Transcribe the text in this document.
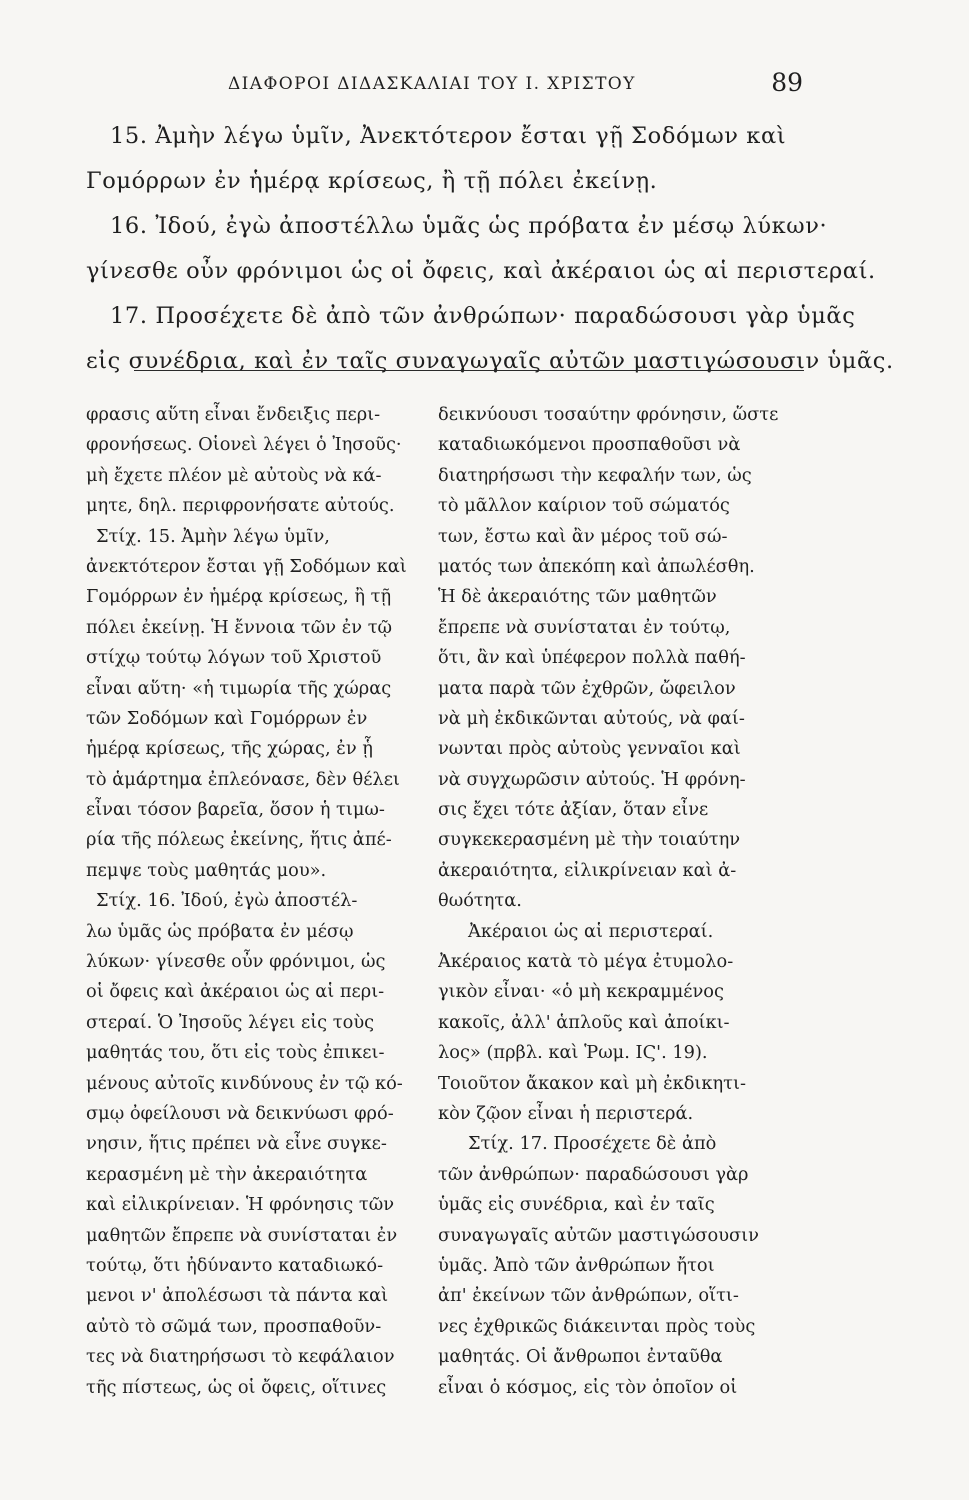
ΔΙΑΦΟΡΟΙ ΔΙΔΑΣΚΑΛΙΑΙ ΤΟΥ Ι. ΧΡΙΣΤΟΥ	89
15. Ἀμὴν λέγω ὑμῖν, Ἀνεκτότερον ἔσται γῇ Σοδόμων καὶ
Γομόρρων ἐν ἡμέρᾳ κρίσεως, ἢ τῇ πόλει ἐκείνῃ.
16. Ἰδού, ἐγὼ ἀποστέλλω ὑμᾶς ὡς πρόβατα ἐν μέσῳ λύκων·
γίνεσθε οὖν φρόνιμοι ὡς οἱ ὄφεις, καὶ ἀκέραιοι ὡς αἱ περιστεραί.
17. Προσέχετε δὲ ἀπὸ τῶν ἀνθρώπων· παραδώσουσι γὰρ ὑμᾶς
εἰς συνέδρια, καὶ ἐν ταῖς συναγωγαῖς αὐτῶν μαστιγώσουσιν ὑμᾶς.
φρασις αὕτη εἶναι ἔνδειξις περι-
φρονήσεως. Οἱονεὶ λέγει ὁ Ἰησοῦς·
μὴ ἔχετε πλέον μὲ αὐτοὺς νὰ κά-
μητε, δηλ. περιφρονήσατε αὐτούς.
Στίχ. 15. Ἀμὴν λέγω ὑμῖν,
ἀνεκτότερον ἔσται γῇ Σοδόμων καὶ
Γομόρρων ἐν ἡμέρᾳ κρίσεως, ἢ τῇ
πόλει ἐκείνῃ. Ἡ ἔννοια τῶν ἐν τῷ
στίχῳ τούτῳ λόγων τοῦ Χριστοῦ
εἶναι αὕτη· «ἡ τιμωρία τῆς χώρας
τῶν Σοδόμων καὶ Γομόρρων ἐν
ἡμέρᾳ κρίσεως, τῆς χώρας, ἐν ᾗ
τὸ ἁμάρτημα ἐπλεόνασε, δὲν θέλει
εἶναι τόσον βαρεῖα, ὅσον ἡ τιμω-
ρία τῆς πόλεως ἐκείνης, ἥτις ἀπέ-
πεμψε τοὺς μαθητάς μου».
Στίχ. 16. Ἰδού, ἐγὼ ἀποστέλ-
λω ὑμᾶς ὡς πρόβατα ἐν μέσῳ
λύκων· γίνεσθε οὖν φρόνιμοι, ὡς
οἱ ὄφεις καὶ ἀκέραιοι ὡς αἱ περι-
στεραί. Ὁ Ἰησοῦς λέγει εἰς τοὺς
μαθητάς του, ὅτι εἰς τοὺς ἐπικει-
μένους αὐτοῖς κινδύνους ἐν τῷ κό-
σμῳ ὀφείλουσι νὰ δεικνύωσι φρό-
νησιν, ἥτις πρέπει νὰ εἶνε συγκε-
κερασμένη μὲ τὴν ἀκεραιότητα
καὶ εἰλικρίνειαν. Ἡ φρόνησις τῶν
μαθητῶν ἔπρεπε νὰ συνίσταται ἐν
τούτῳ, ὅτι ἠδύναντο καταδιωκό-
μενοι ν' ἀπολέσωσι τὰ πάντα καὶ
αὐτὸ τὸ σῶμά των, προσπαθοῦν-
τες νὰ διατηρήσωσι τὸ κεφάλαιον
τῆς πίστεως, ὡς οἱ ὄφεις, οἵτινες
δεικνύουσι τοσαύτην φρόνησιν, ὥστε
καταδιωκόμενοι προσπαθοῦσι νὰ
διατηρήσωσι τὴν κεφαλήν των, ὡς
τὸ μᾶλλον καίριον τοῦ σώματός
των, ἔστω καὶ ἂν μέρος τοῦ σώ-
ματός των ἀπεκόπη καὶ ἀπωλέσθη.
Ἡ δὲ ἀκεραιότης τῶν μαθητῶν
ἔπρεπε νὰ συνίσταται ἐν τούτῳ,
ὅτι, ἂν καὶ ὑπέφερον πολλὰ παθή-
ματα παρὰ τῶν ἐχθρῶν, ὤφειλον
νὰ μὴ ἐκδικῶνται αὐτούς, νὰ φαί-
νωνται πρὸς αὐτοὺς γενναῖοι καὶ
νὰ συγχωρῶσιν αὐτούς. Ἡ φρόνη-
σις ἔχει τότε ἀξίαν, ὅταν εἶνε
συγκεκερασμένη μὲ τὴν τοιαύτην
ἀκεραιότητα, εἰλικρίνειαν καὶ ἀ-
θωότητα.
Ἀκέραιοι ὡς αἱ περιστεραί.
Ἀκέραιος κατὰ τὸ μέγα ἐτυμολο-
γικὸν εἶναι· «ὁ μὴ κεκραμμένος
κακοῖς, ἀλλ' ἁπλοῦς καὶ ἀποίκι-
λος» (πρβλ. καὶ Ῥωμ. ΙϚ'. 19).
Τοιοῦτον ἄκακον καὶ μὴ ἐκδικητι-
κὸν ζῷον εἶναι ἡ περιστερά.
Στίχ. 17. Προσέχετε δὲ ἀπὸ
τῶν ἀνθρώπων· παραδώσουσι γὰρ
ὑμᾶς εἰς συνέδρια, καὶ ἐν ταῖς
συναγωγαῖς αὐτῶν μαστιγώσουσιν
ὑμᾶς. Ἀπὸ τῶν ἀνθρώπων ἤτοι
ἀπ' ἐκείνων τῶν ἀνθρώπων, οἵτι-
νες ἐχθρικῶς διάκεινται πρὸς τοὺς
μαθητάς. Οἱ ἄνθρωποι ἐνταῦθα
εἶναι ὁ κόσμος, εἰς τὸν ὁποῖον οἱ
